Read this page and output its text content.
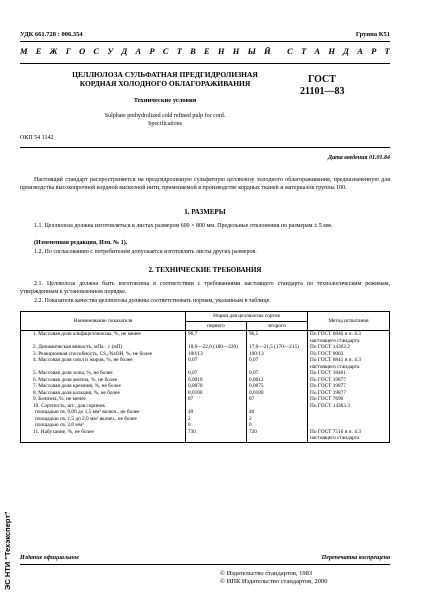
ЭС НТИ "Техэксперт"
УДК 661.728 : 006.354	Группа К51
М Е Ж Г О С У Д А Р С Т В Е Н Н Ы Й С Т А Н Д А Р Т
ЦЕЛЛЮЛОЗА СУЛЬФАТНАЯ ПРЕДГИДРОЛИЗНАЯ
КОРДНАЯ ХОЛОДНОГО ОБЛАГОРАЖИВАНИЯ	ГОСТ
21101—83
Технические условия
Sulphate prehydrolized cold refined pulp for cord.
Specifications
ОКП 54 1142
Дата введения 01.01.84

Настоящий стандарт распространяется на предгидролизную сульфатную целлюлозу холодного облагораживания, предназначенную для производства высокопрочной кордной вискозной нити, применяемой в производстве кордных тканей и материалов группы 100.

1. РАЗМЕРЫ

1.1. Целлюлоза должна изготовляться в листах размером 600 × 800 мм. Предельные отклонения по размерам ± 5 мм.

(Измененная редакция, Изм. № 1).

1.2. По согласованию с потребителем допускается изготовлять листы других размеров.

2. ТЕХНИЧЕСКИЕ ТРЕБОВАНИЯ

2.1. Целлюлоза должна быть изготовлена в соответствии с требованиями настоящего стандарта по технологическим режимам, утвержденным в установленном порядке.

2.2. Показатели качества целлюлозы должны соответствовать нормам, указанным в таблице.

Наименование показателя	Норма для целлюлозы сортов		Метод испытания
	первого	второго	
1. Массовая доля альфацеллюлозы, %, не менее	96,7	96,5	По ГОСТ 6840 и п. 4.3 настоящего стандарта
2. Динамическая вязкость, мПа · с (мП)	18,0—22,0 (180—220)	17,0—21,5 (170—215)	По ГОСТ 14363.2
3. Реакционная способность, CS₂/NaOH, %, не более	100/13	100/13	По ГОСТ 9003
4. Массовая доля смол и жиров, %, не более	0,07	0,07	По ГОСТ 6841 и п. 4.3 настоящего стандарта
5. Массовая доля золы, %, не более	0,07	0,07	По ГОСТ 18461
6. Массовая доля железа, %, не более	0,0010	0,0012	По ГОСТ 19877
7. Массовая доля кремния, %, не более	0,0070	0,0075	По ГОСТ 19877
8. Массовая доля кальция, %, не более	0,0100	0,0100	По ГОСТ 19877
9. Белизна, %, не менее	87	87	По ГОСТ 7690
10. Сортность, шт., для соринок			По ГОСТ 14363.3
площадью св. 0,06 до 1,5 мм² включ., не более	40	40	
площадью св. 1,5 до 2,0 мм² включ., не более	2	2	
площадью св. 2,0 мм²	0	0	
11. Набухание, %, не более	730	720	По ГОСТ 7516 и п. 4.3 настоящего стандарта
Издание официальное	Перепечатка воспрещена
© Издательство стандартов, 1983
© ИПК Издательство стандартов, 2000
